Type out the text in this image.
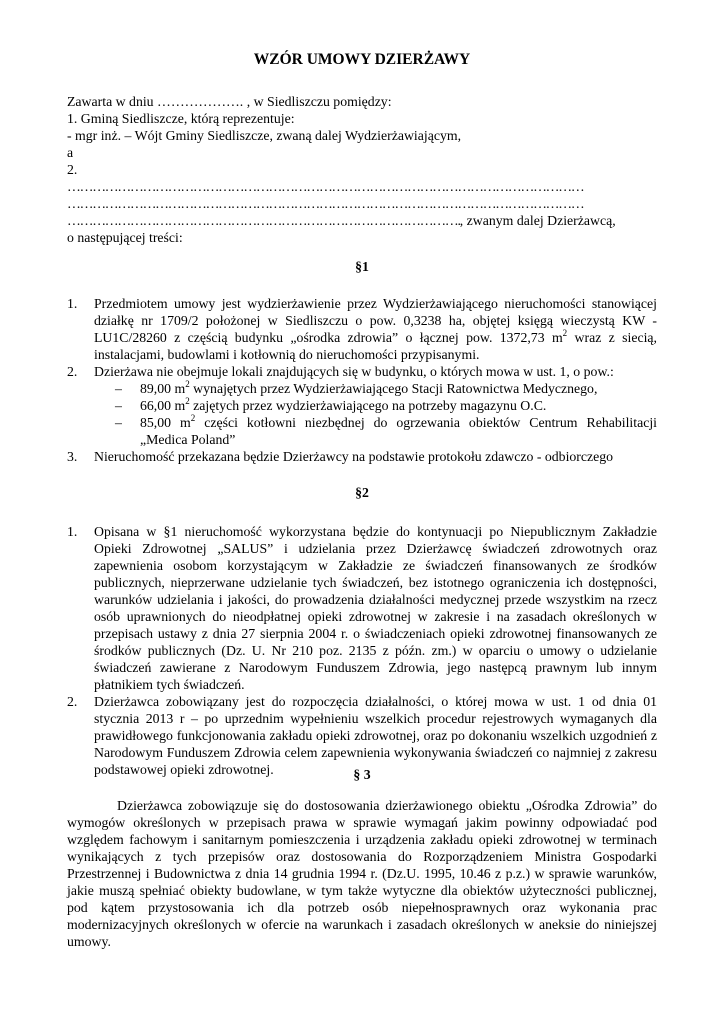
WZÓR UMOWY DZIERŻAWY
Zawarta w dniu ………………. , w Siedliszczu pomiędzy:
1. Gminą Siedliszcze, którą reprezentuje:
- mgr inż. – Wójt Gminy Siedliszcze, zwaną dalej Wydzierżawiającym,
a
2.
……………………………………………………………………………………………………………
……………………………………………………………………………………………………………
…………………………………………………………………………………., zwanym dalej Dzierżawcą,
o następującej treści:
§1
1. Przedmiotem umowy jest wydzierżawienie przez Wydzierżawiającego nieruchomości stanowiącej działkę nr 1709/2 położonej w Siedliszczu o pow. 0,3238 ha, objętej księgą wieczystą KW - LU1C/28260 z częścią budynku „ośrodka zdrowia” o łącznej pow. 1372,73 $m^2$ wraz z siecią, instalacjami, budowlami i kotłownią do nieruchomości przypisanymi.
2. Dzierżawa nie obejmuje lokali znajdujących się w budynku, o których mowa w ust. 1, o pow.:
– 89,00 $m^2$ wynajętych przez Wydzierżawiającego Stacji Ratownictwa Medycznego,
– 66,00 $m^2$ zajętych przez wydzierżawiającego na potrzeby magazynu O.C.
– 85,00 $m^2$ części kotłowni niezbędnej do ogrzewania obiektów Centrum Rehabilitacji „Medica Poland”
3. Nieruchomość przekazana będzie Dzierżawcy na podstawie protokołu zdawczo - odbiorczego
§2
1. Opisana w §1 nieruchomość wykorzystana będzie do kontynuacji po Niepublicznym Zakładzie Opieki Zdrowotnej „SALUS” i udzielania przez Dzierżawcę świadczeń zdrowotnych oraz zapewnienia osobom korzystającym w Zakładzie ze świadczeń finansowanych ze środków publicznych, nieprzerwane udzielanie tych świadczeń, bez istotnego ograniczenia ich dostępności, warunków udzielania i jakości, do prowadzenia działalności medycznej przede wszystkim na rzecz osób uprawnionych do nieodpłatnej opieki zdrowotnej w zakresie i na zasadach określonych w przepisach ustawy z dnia 27 sierpnia 2004 r. o świadczeniach opieki zdrowotnej finansowanych ze środków publicznych (Dz. U. Nr 210 poz. 2135 z późn. zm.) w oparciu o umowy o udzielanie świadczeń zawierane z Narodowym Funduszem Zdrowia, jego następcą prawnym lub innym płatnikiem tych świadczeń.
2. Dzierżawca zobowiązany jest do rozpoczęcia działalności, o której mowa w ust. 1 od dnia 01 stycznia 2013 r – po uprzednim wypełnieniu wszelkich procedur rejestrowych wymaganych dla prawidłowego funkcjonowania zakładu opieki zdrowotnej, oraz po dokonaniu wszelkich uzgodnień z Narodowym Funduszem Zdrowia celem zapewnienia wykonywania świadczeń co najmniej z zakresu podstawowej opieki zdrowotnej.	§ 3
Dzierżawca zobowiązuje się do dostosowania dzierżawionego obiektu „Ośrodka Zdrowia” do wymogów określonych w przepisach prawa w sprawie wymagań jakim powinny odpowiadać pod względem fachowym i sanitarnym pomieszczenia i urządzenia zakładu opieki zdrowotnej w terminach wynikających z tych przepisów oraz dostosowania do Rozporządzeniem Ministra Gospodarki Przestrzennej i Budownictwa z dnia 14 grudnia 1994 r. (Dz.U. 1995, 10.46 z p.z.) w sprawie warunków, jakie muszą spełniać obiekty budowlane, w tym także wytyczne dla obiektów użyteczności publicznej, pod kątem przystosowania ich dla potrzeb osób niepełnosprawnych oraz wykonania prac modernizacyjnych określonych w ofercie na warunkach i zasadach określonych w aneksie do niniejszej umowy.
